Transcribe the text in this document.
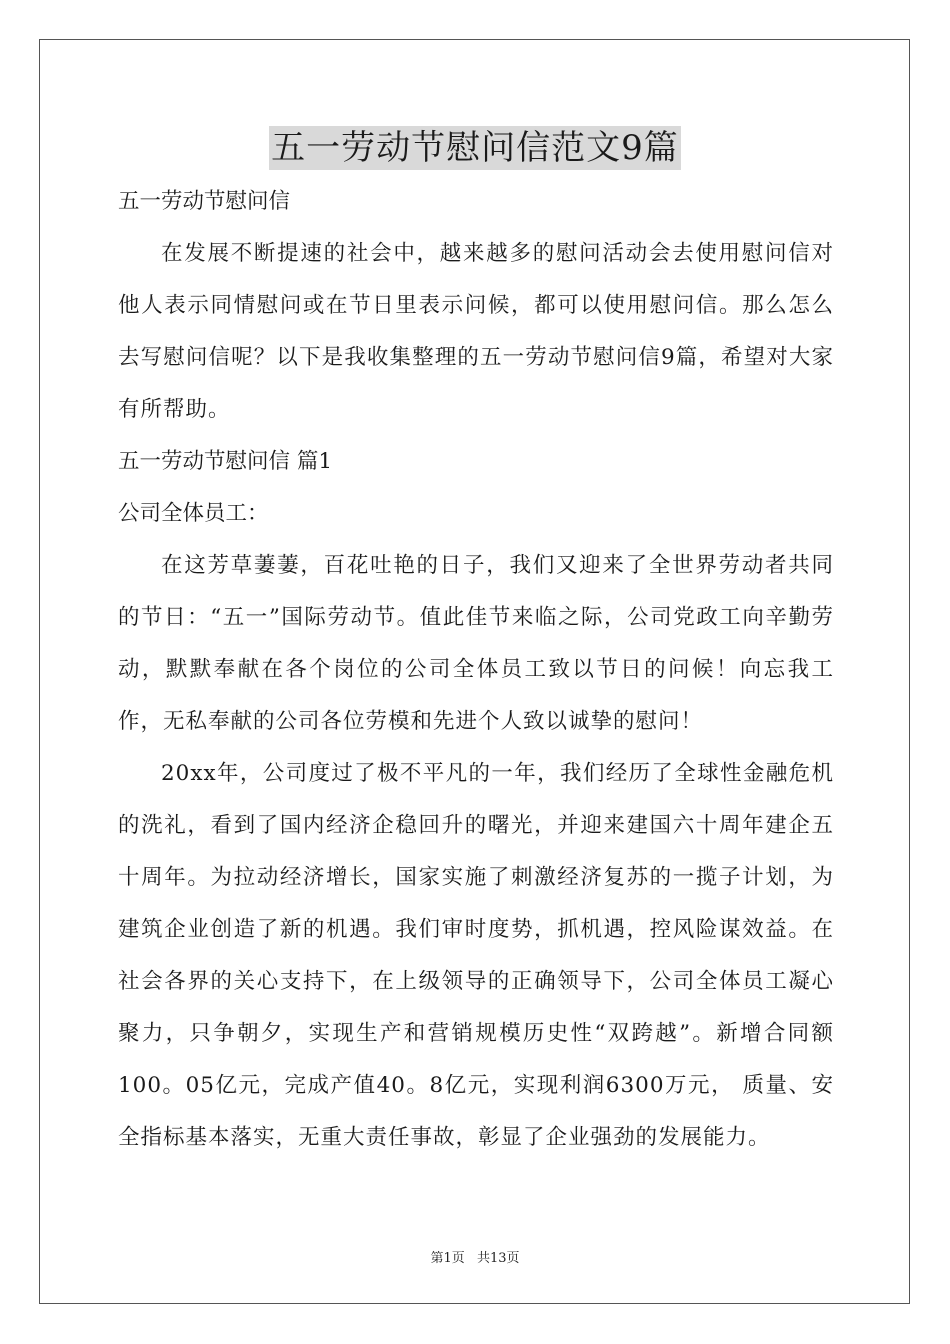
五一劳动节慰问信范文9篇
五一劳动节慰问信

在发展不断提速的社会中，越来越多的慰问活动会去使用慰问信对他人表示同情慰问或在节日里表示问候，都可以使用慰问信。那么怎么去写慰问信呢？以下是我收集整理的五一劳动节慰问信9篇，希望对大家有所帮助。

五一劳动节慰问信 篇1
公司全体员工：

在这芳草萋萋，百花吐艳的日子，我们又迎来了全世界劳动者共同的节日：“五一”国际劳动节。值此佳节来临之际，公司党政工向辛勤劳动，默默奉献在各个岗位的公司全体员工致以节日的问候！向忘我工作，无私奉献的公司各位劳模和先进个人致以诚挚的慰问！

20xx年，公司度过了极不平凡的一年，我们经历了全球性金融危机的洗礼，看到了国内经济企稳回升的曙光，并迎来建国六十周年建企五十周年。为拉动经济增长，国家实施了刺激经济复苏的一揽子计划，为建筑企业创造了新的机遇。我们审时度势，抓机遇，控风险谋效益。在社会各界的关心支持下，在上级领导的正确领导下，公司全体员工凝心聚力，只争朝夕，实现生产和营销规模历史性“双跨越”。新增合同额100。05亿元，完成产值40。8亿元，实现利润6300万元， 质量、安全指标基本落实，无重大责任事故，彰显了企业强劲的发展能力。

第1页 共13页
